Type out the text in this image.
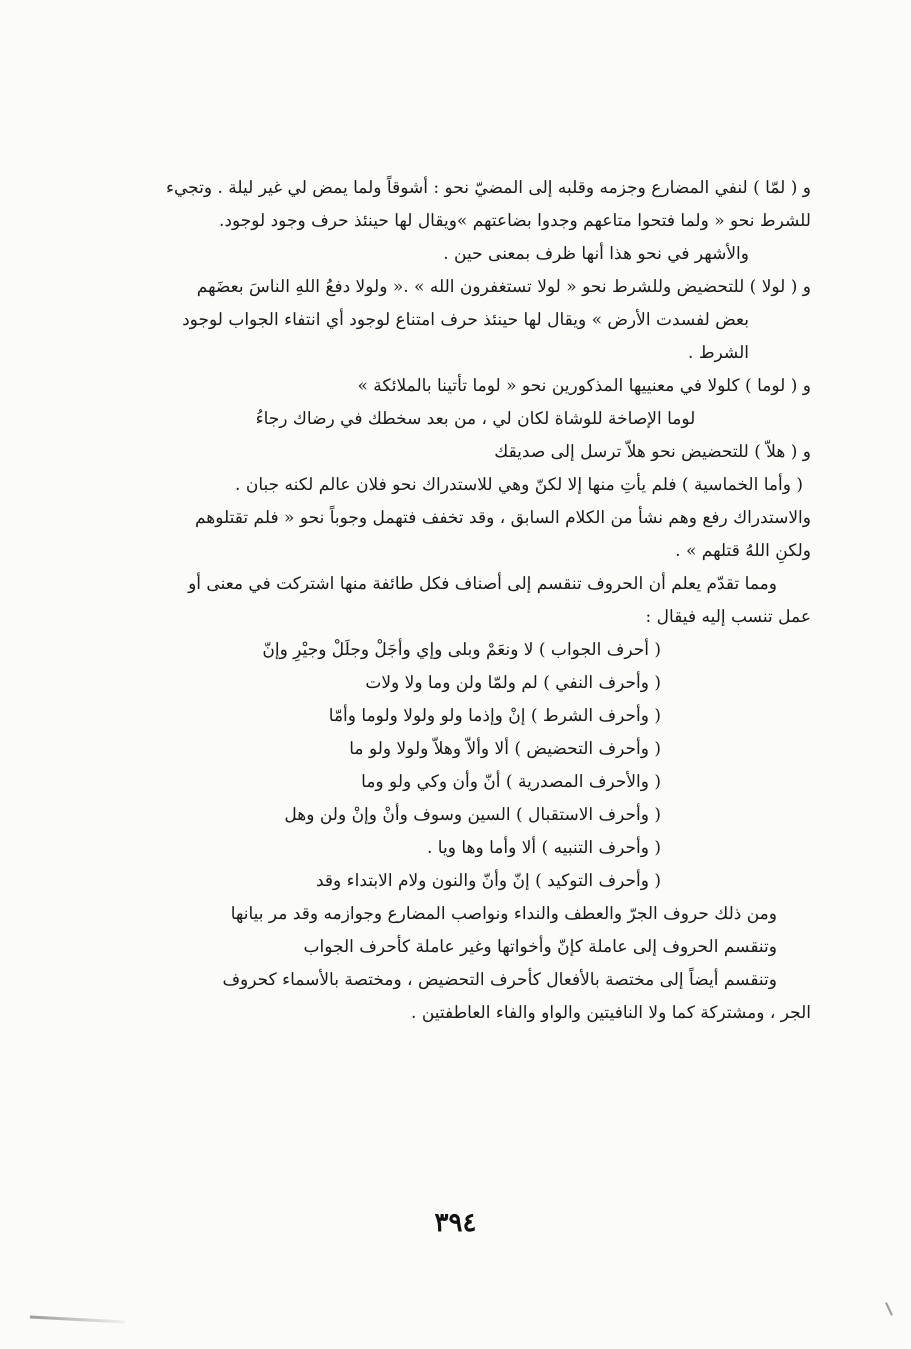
و ( لمّا ) لنفي المضارع وجزمه وقلبه إلى المضيّ نحو : أشوقاً ولما يمض لي غير ليلة . وتجيء
للشرط نحو « ولما فتحوا متاعهم وجدوا بضاعتهم »ويقال لها حينئذ حرف وجود لوجود.
والأشهر في نحو هذا أنها ظرف بمعنى حين .
و ( لولا ) للتحضيض وللشرط نحو « لولا تستغفرون الله » .« ولولا دفعُ اللهِ الناسَ بعضَهم
بعض لفسدت الأرض » ويقال لها حينئذ حرف امتناع لوجود أي انتفاء الجواب لوجود
الشرط .
و ( لوما ) كلولا في معنييها المذكورين نحو « لوما تأتينا بالملائكة »
لوما الإصاخة للوشاة لكان لي ، من بعد سخطك في رضاك رجاءُ
و ( هلاّ ) للتحضيض نحو هلاّ ترسل إلى صديقك
( وأما الخماسية ) فلم يأتِ منها إلا لكنّ وهي للاستدراك نحو فلان عالم لكنه جبان .
والاستدراك رفع وهم نشأ من الكلام السابق ، وقد تخفف فتهمل وجوباً نحو « فلم تقتلوهم
ولكنِ اللهُ قتلهم » .
ومما تقدّم يعلم أن الحروف تنقسم إلى أصناف فكل طائفة منها اشتركت في معنى أو
عمل تنسب إليه فيقال :
( أحرف الجواب ) لا ونعَمْ وبلى وإي وأجَلْ وجلَلْ وجيْرِ وإنّ
( وأحرف النفي ) لم ولمّا ولن وما ولا ولات
( وأحرف الشرط ) إنْ وإذما ولو ولولا ولوما وأمّا
( وأحرف التحضيض ) ألا وألاّ وهلاّ ولولا ولو ما
( والأحرف المصدرية ) أنّ وأن وكي ولو وما
( وأحرف الاستقبال ) السين وسوف وأنْ وإنْ ولن وهل
( وأحرف التنبيه ) ألا وأما وها ويا .
( وأحرف التوكيد ) إنّ وأنّ والنون ولام الابتداء وقد
ومن ذلك حروف الجرّ والعطف والنداء ونواصب المضارع وجوازمه وقد مر بيانها
وتنقسم الحروف إلى عاملة كإنّ وأخواتها وغير عاملة كأحرف الجواب
وتنقسم أيضاً إلى مختصة بالأفعال كأحرف التحضيض ، ومختصة بالأسماء كحروف
الجر ، ومشتركة كما ولا النافيتين والواو والفاء العاطفتين .
٣٩٤
